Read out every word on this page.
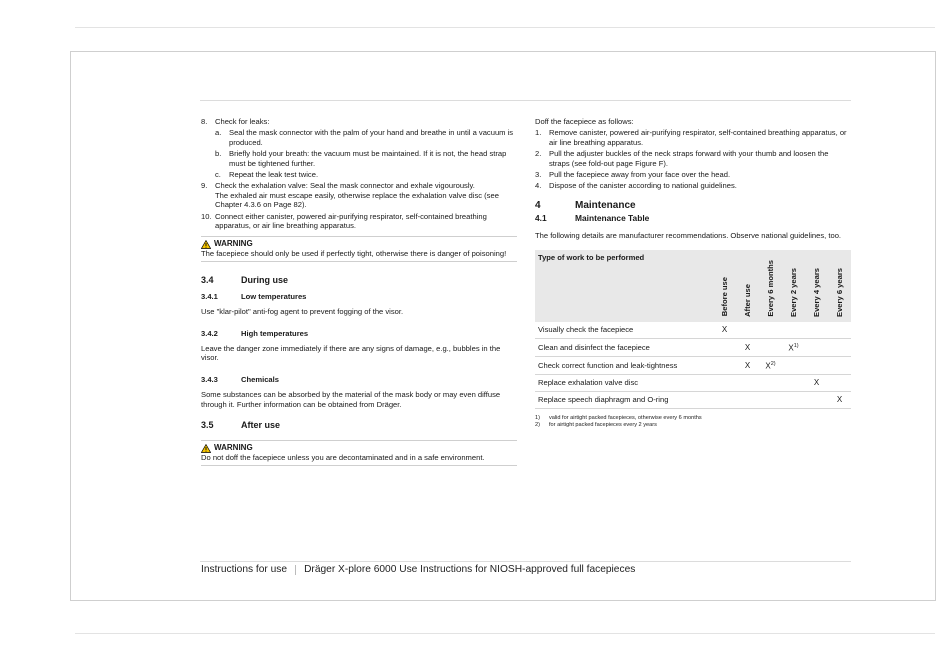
8. Check for leaks:
a. Seal the mask connector with the palm of your hand and breathe in until a vacuum is produced.
b. Briefly hold your breath: the vacuum must be maintained. If it is not, the head strap must be tightened further.
c. Repeat the leak test twice.
9. Check the exhalation valve: Seal the mask connector and exhale vigourously.
The exhaled air must escape easily, otherwise replace the exhalation valve disc (see Chapter 4.3.6 on Page 82).
10. Connect either canister, powered air-purifying respirator, self-contained breathing apparatus, or air line breathing apparatus.
WARNING
The facepiece should only be used if perfectly tight, otherwise there is danger of poisoning!
3.4	During use
3.4.1	Low temperatures
Use "klar-pilot" anti-fog agent to prevent fogging of the visor.
3.4.2	High temperatures
Leave the danger zone immediately if there are any signs of damage, e.g., bubbles in the visor.
3.4.3	Chemicals
Some substances can be absorbed by the material of the mask body or may even diffuse through it. Further information can be obtained from Dräger.
3.5	After use
WARNING
Do not doff the facepiece unless you are decontaminated and in a safe environment.
Doff the facepiece as follows:
1. Remove canister, powered air-purifying respirator, self-contained breathing apparatus, or air line breathing apparatus.
2. Pull the adjuster buckles of the neck straps forward with your thumb and loosen the straps (see fold-out page Figure F).
3. Pull the facepiece away from your face over the head.
4. Dispose of the canister according to national guidelines.
4	Maintenance
4.1	Maintenance Table
The following details are manufacturer recommendations. Observe national guidelines, too.
Type of work to be performed	Before use	After use	Every 6 months	Every 2 years	Every 4 years	Every 6 years
Visually check the facepiece	X					
Clean and disinfect the facepiece		X		$X^{1)}$		
Check correct function and leak-tightness		X	$X^{2)}$			
Replace exhalation valve disc					X	
Replace speech diaphragm and O-ring						X
1)	valid for airtight packed facepieces, otherwise every 6 months
2)	for airtight packed facepieces every 2 years
Instructions for use Dräger X-plore 6000 Use Instructions for NIOSH-approved full facepieces
